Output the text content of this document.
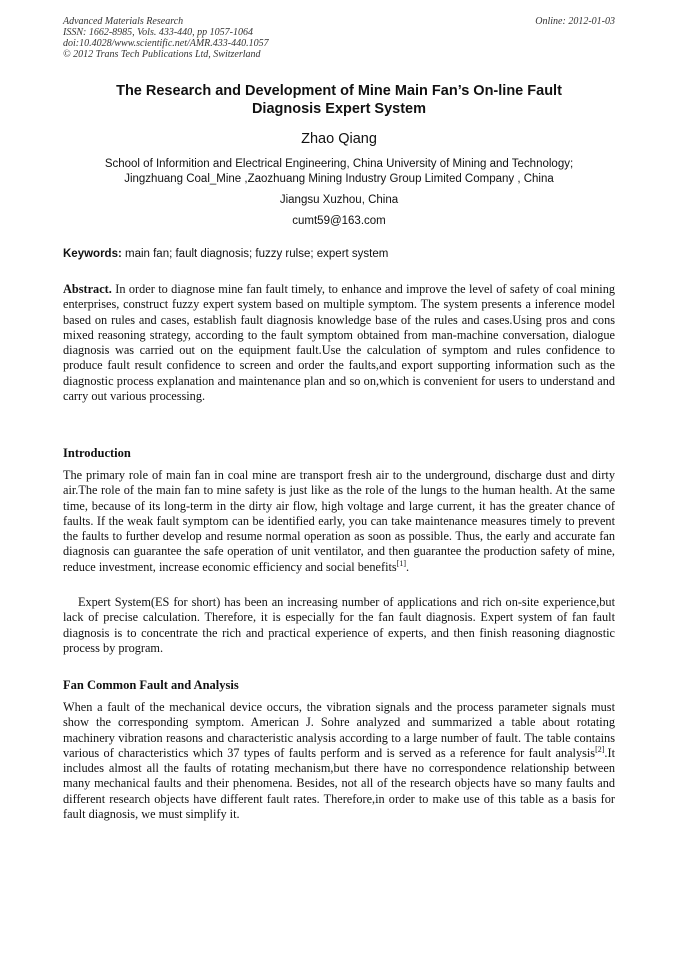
Advanced Materials Research
ISSN: 1662-8985, Vols. 433-440, pp 1057-1064
doi:10.4028/www.scientific.net/AMR.433-440.1057
© 2012 Trans Tech Publications Ltd, Switzerland
Online: 2012-01-03
The Research and Development of Mine Main Fan’s On-line Fault
Diagnosis Expert System
Zhao Qiang
School of Informition and Electrical Engineering, China University of Mining and Technology;
Jingzhuang Coal_Mine ,Zaozhuang Mining Industry Group Limited Company , China
Jiangsu Xuzhou, China
cumt59@163.com
Keywords: main fan; fault diagnosis; fuzzy rulse; expert system
Abstract. In order to diagnose mine fan fault timely, to enhance and improve the level of safety of coal mining enterprises, construct fuzzy expert system based on multiple symptom. The system presents a inference model based on rules and cases, establish fault diagnosis knowledge base of the rules and cases.Using pros and cons mixed reasoning strategy, according to the fault symptom obtained from man-machine conversation, dialogue diagnosis was carried out on the equipment fault.Use the calculation of symptom and rules confidence to produce fault result confidence to screen and order the faults,and export supporting information such as the diagnostic process explanation and maintenance plan and so on,which is convenient for users to understand and carry out various processing.
Introduction
The primary role of main fan in coal mine are transport fresh air to the underground, discharge dust and dirty air.The role of the main fan to mine safety is just like as the role of the lungs to the human health. At the same time, because of its long-term in the dirty air flow, high voltage and large current, it has the greater chance of faults. If the weak fault symptom can be identified early, you can take maintenance measures timely to prevent the faults to further develop and resume normal operation as soon as possible. Thus, the early and accurate fan diagnosis can guarantee the safe operation of unit ventilator, and then guarantee the production safety of mine, reduce investment, increase economic efficiency and social benefits[1].
Expert System(ES for short) has been an increasing number of applications and rich on-site experience,but lack of precise calculation. Therefore, it is especially for the fan fault diagnosis. Expert system of fan fault diagnosis is to concentrate the rich and practical experience of experts, and then finish reasoning diagnostic process by program.
Fan Common Fault and Analysis
When a fault of the mechanical device occurs, the vibration signals and the process parameter signals must show the corresponding symptom. American J. Sohre analyzed and summarized a table about rotating machinery vibration reasons and characteristic analysis according to a large number of fault. The table contains various of characteristics which 37 types of faults perform and is served as a reference for fault analysis[2].It includes almost all the faults of rotating mechanism,but there have no correspondence relationship between many mechanical faults and their phenomena. Besides, not all of the research objects have so many faults and different research objects have different fault rates. Therefore,in order to make use of this table as a basis for fault diagnosis, we must simplify it.
